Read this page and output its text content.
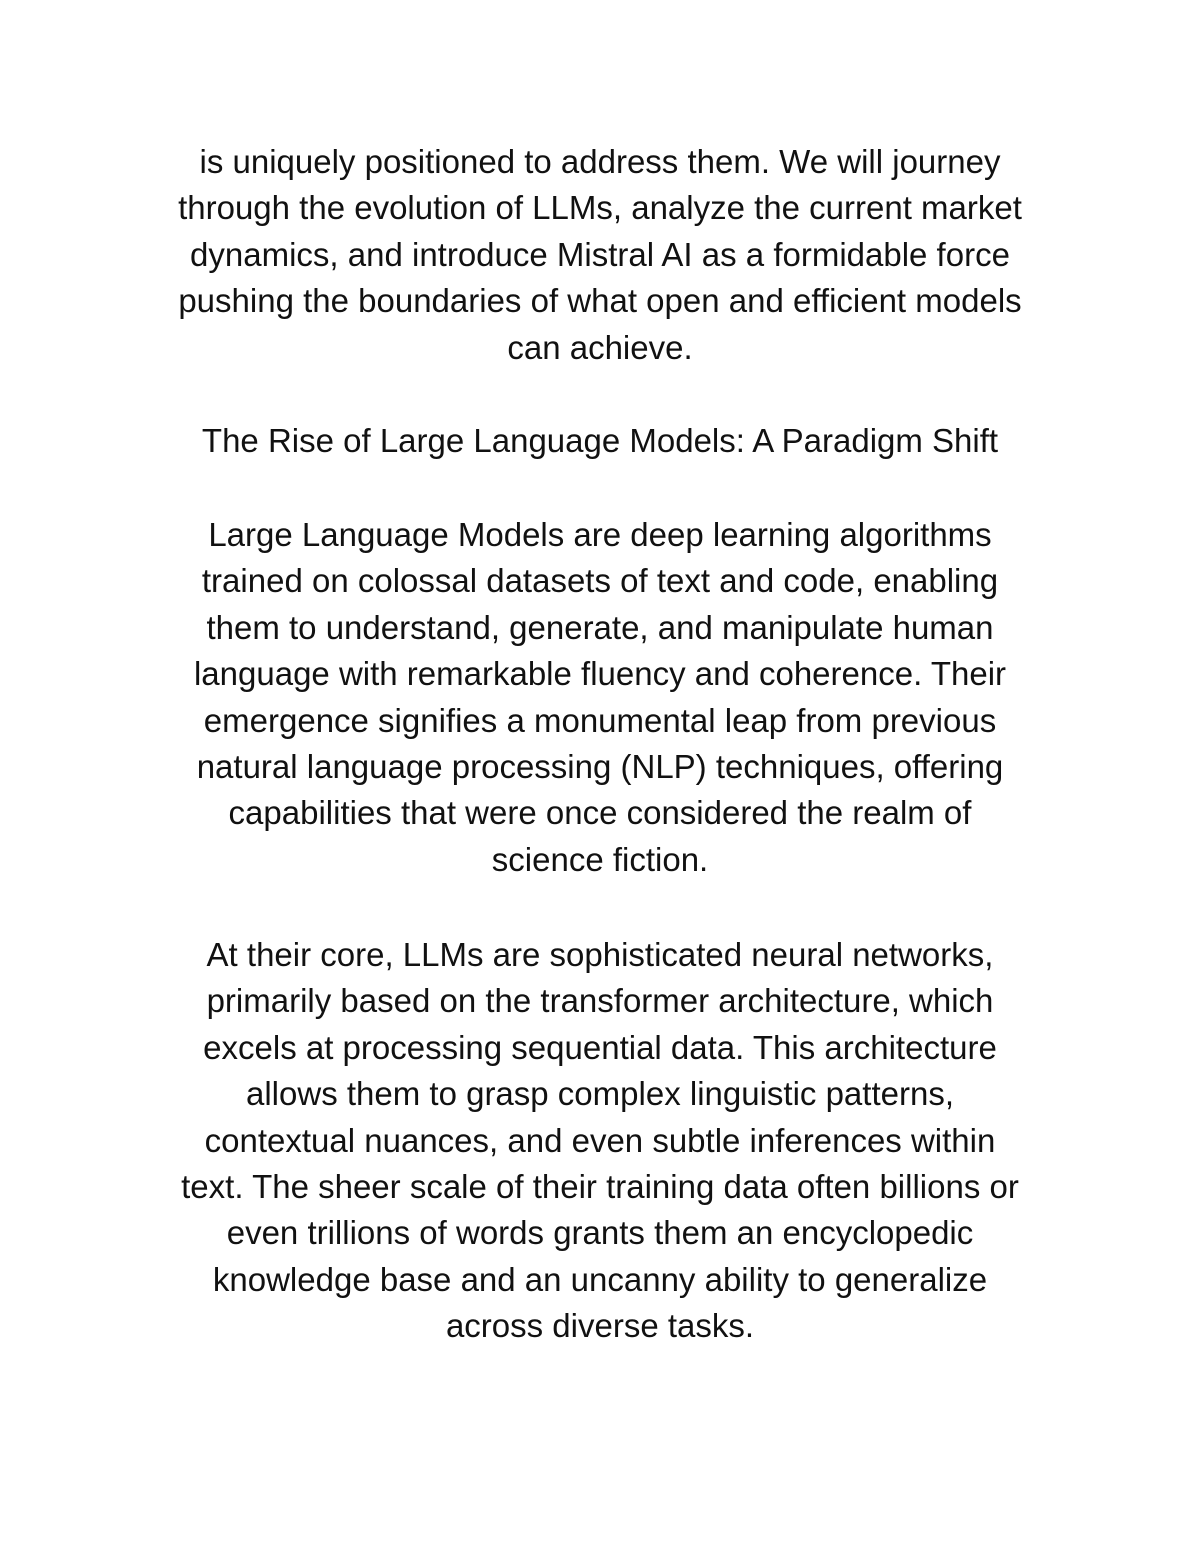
is uniquely positioned to address them. We will journey
through the evolution of LLMs, analyze the current market
dynamics, and introduce Mistral AI as a formidable force
pushing the boundaries of what open and efficient models
can achieve.

The Rise of Large Language Models: A Paradigm Shift

Large Language Models are deep learning algorithms
trained on colossal datasets of text and code, enabling
them to understand, generate, and manipulate human
language with remarkable fluency and coherence. Their
emergence signifies a monumental leap from previous
natural language processing (NLP) techniques, offering
capabilities that were once considered the realm of
science fiction.

At their core, LLMs are sophisticated neural networks,
primarily based on the transformer architecture, which
excels at processing sequential data. This architecture
allows them to grasp complex linguistic patterns,
contextual nuances, and even subtle inferences within
text. The sheer scale of their training data often billions or
even trillions of words grants them an encyclopedic
knowledge base and an uncanny ability to generalize
across diverse tasks.
